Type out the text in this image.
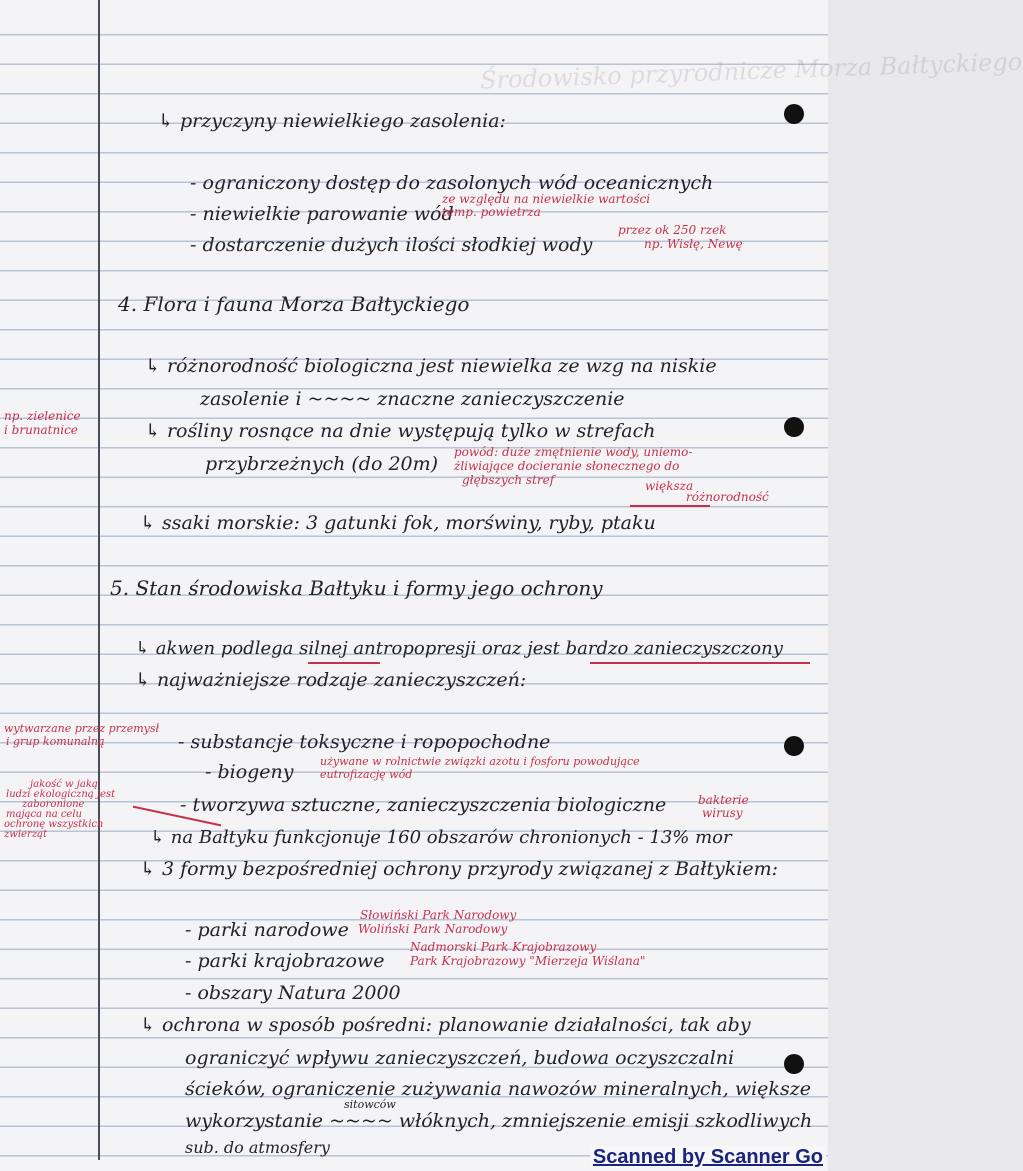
Środowisko przyrodnicze Morza Bałtyckiego
↳ przyczyny niewielkiego zasolenia:
- ograniczony dostęp do zasolonych wód oceanicznych
- niewielkie parowanie wód
- dostarczenie dużych ilości słodkiej wody
4. Flora i fauna Morza Bałtyckiego
↳ różnorodność biologiczna jest niewielka ze wzg na niskie
zasolenie i ~~~~ znaczne zanieczyszczenie
↳ rośliny rosnące na dnie występują tylko w strefach
przybrzeżnych (do 20m)
↳ ssaki morskie: 3 gatunki fok, morświny, ryby, ptaku
5. Stan środowiska Bałtyku i formy jego ochrony
↳ akwen podlega silnej antropopresji oraz jest bardzo zanieczyszczony
↳ najważniejsze rodzaje zanieczyszczeń:
- substancje toksyczne i ropopochodne
- biogeny
- tworzywa sztuczne, zanieczyszczenia biologiczne
↳ na Bałtyku funkcjonuje 160 obszarów chronionych - 13% mor
↳ 3 formy bezpośredniej ochrony przyrody związanej z Bałtykiem:
- parki narodowe
- parki krajobrazowe
- obszary Natura 2000
↳ ochrona w sposób pośredni: planowanie działalności, tak aby
ograniczyć wpływu zanieczyszczeń, budowa oczyszczalni
ścieków, ograniczenie zużywania nawozów mineralnych, większe
wykorzystanie ~~~~ włóknych, zmniejszenie emisji szkodliwych
sub. do atmosfery
ze względu na niewielkie wartości
temp. powietrza
przez ok 250 rzek
np. Wisłę, Newę
np. zielenice
i brunatnice
powód: duże zmętnienie wody, uniemo-
żliwiające docieranie słonecznego do
głębszych stref	większa
różnorodność
wytwarzane przez przemysł
i grup komunalną
używane w rolnictwie związki azotu i fosforu powodujące
eutrofizację wód
jakość w jaką
ludzi ekologiczną jest
zaboronione
mająca na celu
ochronę wszystkich
zwierząt
bakterie
wirusy
Słowiński Park Narodowy
Woliński Park Narodowy
Nadmorski Park Krajobrazowy
Park Krajobrazowy "Mierzeja Wiślana"
sitowców
Scanned by Scanner Go
